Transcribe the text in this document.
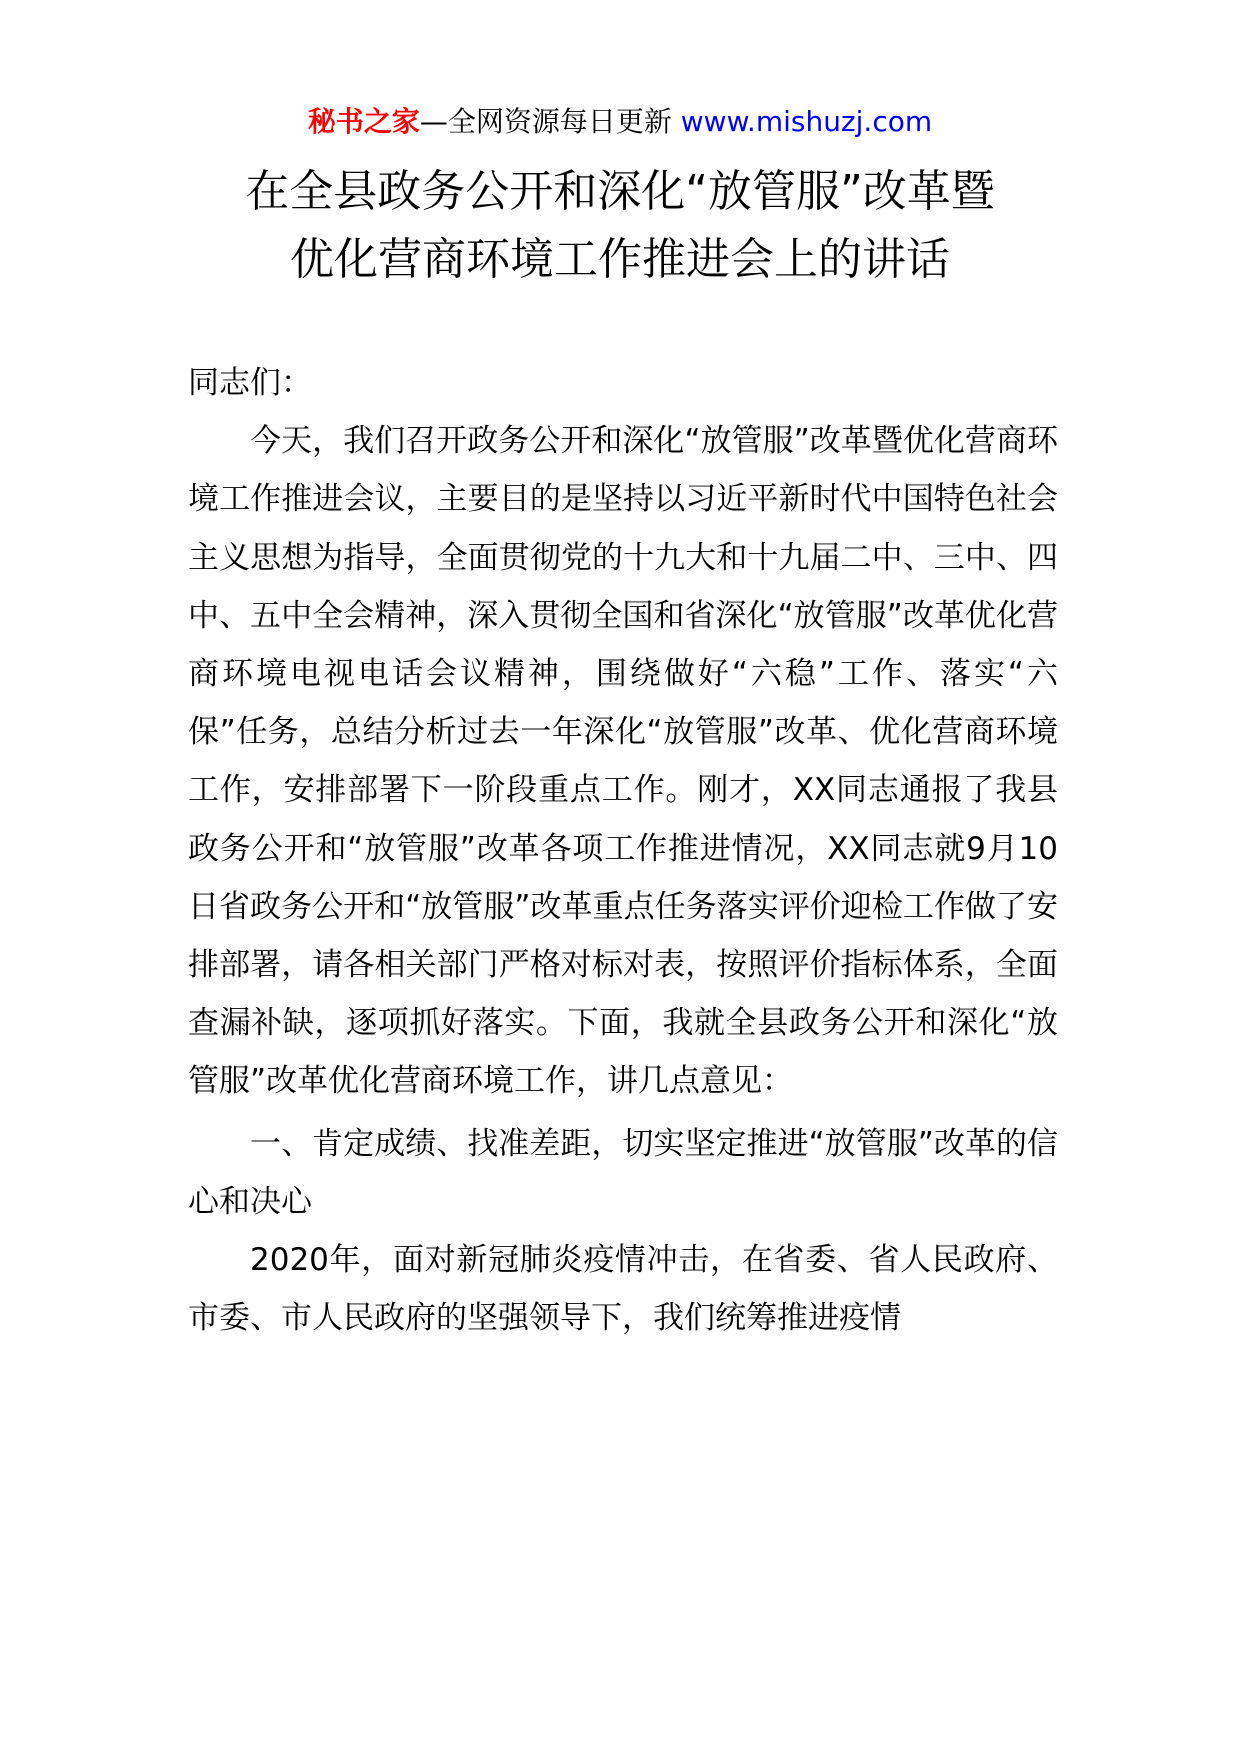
秘书之家—全网资源每日更新 www.mishuzj.com
在全县政务公开和深化“放管服”改革暨
优化营商环境工作推进会上的讲话

同志们：

今天，我们召开政务公开和深化“放管服”改革暨优化营商环境工作推进会议，主要目的是坚持以习近平新时代中国特色社会主义思想为指导，全面贯彻党的十九大和十九届二中、三中、四中、五中全会精神，深入贯彻全国和省深化“放管服”改革优化营商环境电视电话会议精神，围绕做好“六稳”工作、落实“六保”任务，总结分析过去一年深化“放管服”改革、优化营商环境工作，安排部署下一阶段重点工作。刚才，XX同志通报了我县政务公开和“放管服”改革各项工作推进情况，XX同志就9月10日省政务公开和“放管服”改革重点任务落实评价迎检工作做了安排部署，请各相关部门严格对标对表，按照评价指标体系，全面查漏补缺，逐项抓好落实。下面，我就全县政务公开和深化“放管服”改革优化营商环境工作，讲几点意见：

一、肯定成绩、找准差距，切实坚定推进“放管服”改革的信心和决心

2020年，面对新冠肺炎疫情冲击，在省委、省人民政府、市委、市人民政府的坚强领导下，我们统筹推进疫情
